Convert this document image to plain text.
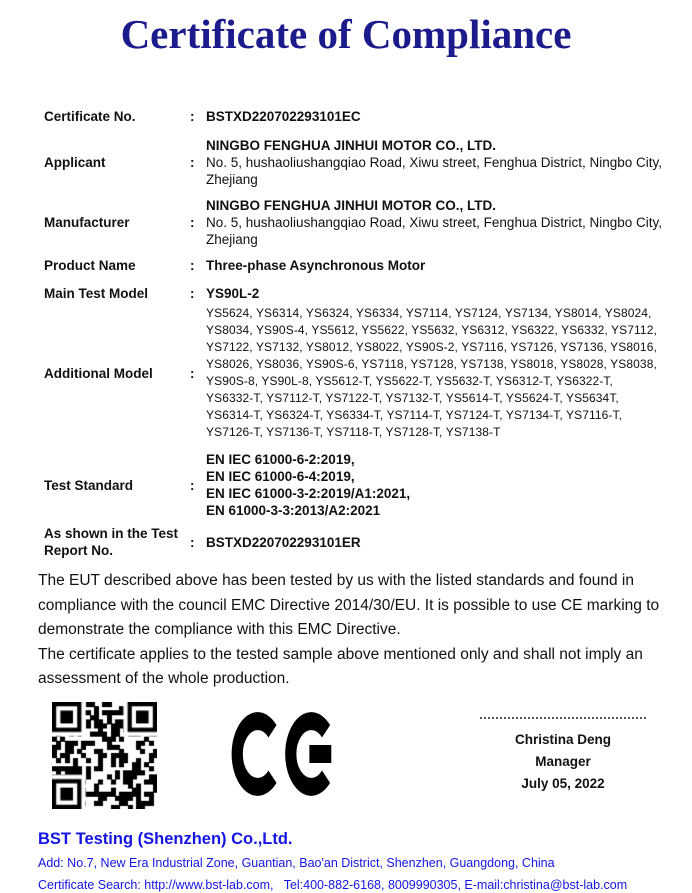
Certificate of Compliance
Certificate No.	: BSTXD220702293101EC
Applicant	:
NINGBO FENGHUA JINHUI MOTOR CO., LTD.
No. 5, hushaoliushangqiao Road, Xiwu street, Fenghua District, Ningbo City, Zhejiang
Manufacturer	:
NINGBO FENGHUA JINHUI MOTOR CO., LTD.
No. 5, hushaoliushangqiao Road, Xiwu street, Fenghua District, Ningbo City, Zhejiang
Product Name	: Three-phase Asynchronous Motor
Main Test Model	: YS90L-2
Additional Model	:
YS5624, YS6314, YS6324, YS6334, YS7114, YS7124, YS7134, YS8014, YS8024, YS8034, YS90S-4, YS5612, YS5622, YS5632, YS6312, YS6322, YS6332, YS7112, YS7122, YS7132, YS8012, YS8022, YS90S-2, YS7116, YS7126, YS7136, YS8016, YS8026, YS8036, YS90S-6, YS7118, YS7128, YS7138, YS8018, YS8028, YS8038, YS90S-8, YS90L-8, YS5612-T, YS5622-T, YS5632-T, YS6312-T, YS6322-T, YS6332-T, YS7112-T, YS7122-T, YS7132-T, YS5614-T, YS5624-T, YS5634T, YS6314-T, YS6324-T, YS6334-T, YS7114-T, YS7124-T, YS7134-T, YS7116-T, YS7126-T, YS7136-T, YS7118-T, YS7128-T, YS7138-T
Test Standard	:
EN IEC 61000-6-2:2019,
EN IEC 61000-6-4:2019,
EN IEC 61000-3-2:2019/A1:2021,
EN 61000-3-3:2013/A2:2021
As shown in the Test Report No.
: BSTXD220702293101ER
The EUT described above has been tested by us with the listed standards and found in compliance with the council EMC Directive 2014/30/EU. It is possible to use CE marking to demonstrate the compliance with this EMC Directive.
The certificate applies to the tested sample above mentioned only and shall not imply an assessment of the whole production.
Christina Deng
Manager
July 05, 2022
BST Testing (Shenzhen) Co.,Ltd.
Add: No.7, New Era Industrial Zone, Guantian, Bao'an District, Shenzhen, Guangdong, China
Certificate Search: http://www.bst-lab.com,   Tel:400-882-6168, 8009990305, E-mail:christina@bst-lab.com
